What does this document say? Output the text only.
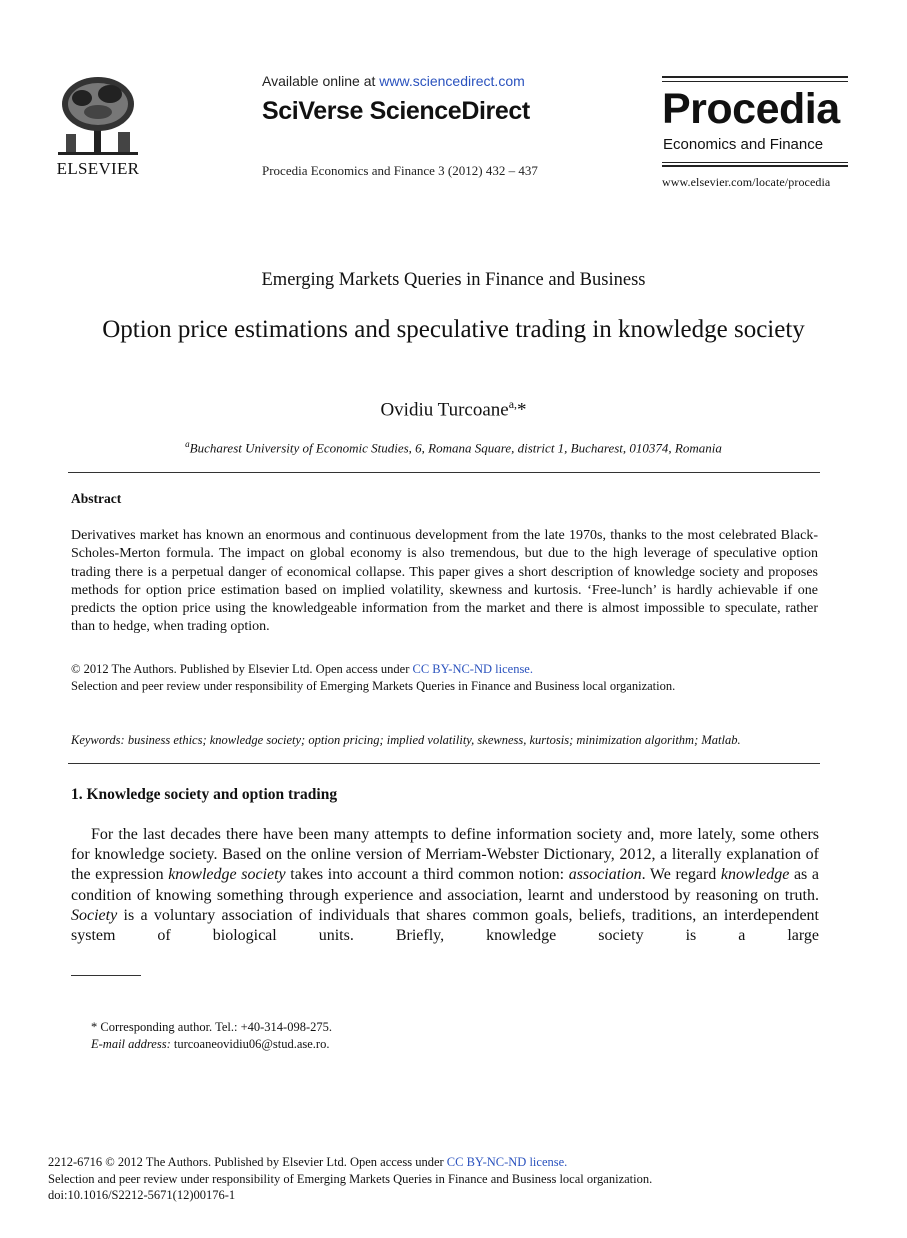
ELSEVIER
Available online at www.sciencedirect.com
SciVerse ScienceDirect
Procedia Economics and Finance 3 (2012) 432 – 437
Procedia
Economics and Finance
www.elsevier.com/locate/procedia
Emerging Markets Queries in Finance and Business
Option price estimations and speculative trading in knowledge society
Ovidiu Turcoane$^{a,}$*
$^a$Bucharest University of Economic Studies, 6, Romana Square, district 1, Bucharest, 010374, Romania
Abstract
Derivatives market has known an enormous and continuous development from the late 1970s, thanks to the most celebrated Black-Scholes-Merton formula. The impact on global economy is also tremendous, but due to the high leverage of speculative option trading there is a perpetual danger of economical collapse. This paper gives a short description of knowledge society and proposes methods for option price estimation based on implied volatility, skewness and kurtosis. ‘Free-lunch’ is hardly achievable if one predicts the option price using the knowledgeable information from the market and there is almost impossible to speculate, rather than to hedge, when trading option.
© 2012 The Authors. Published by Elsevier Ltd. Open access under CC BY-NC-ND license.
Selection and peer review under responsibility of Emerging Markets Queries in Finance and Business local organization.
Keywords: business ethics; knowledge society; option pricing; implied volatility, skewness, kurtosis; minimization algorithm; Matlab.
1. Knowledge society and option trading
For the last decades there have been many attempts to define information society and, more lately, some others for knowledge society. Based on the online version of Merriam-Webster Dictionary, 2012, a literally explanation of the expression knowledge society takes into account a third common notion: association. We regard knowledge as a condition of knowing something through experience and association, learnt and understood by reasoning on truth. Society is a voluntary association of individuals that shares common goals, beliefs, traditions, an interdependent system of biological units. Briefly, knowledge society is a large
* Corresponding author. Tel.: +40-314-098-275.
E-mail address: turcoaneovidiu06@stud.ase.ro.
2212-6716 © 2012 The Authors. Published by Elsevier Ltd. Open access under CC BY-NC-ND license.
Selection and peer review under responsibility of Emerging Markets Queries in Finance and Business local organization.
doi:10.1016/S2212-5671(12)00176-1
